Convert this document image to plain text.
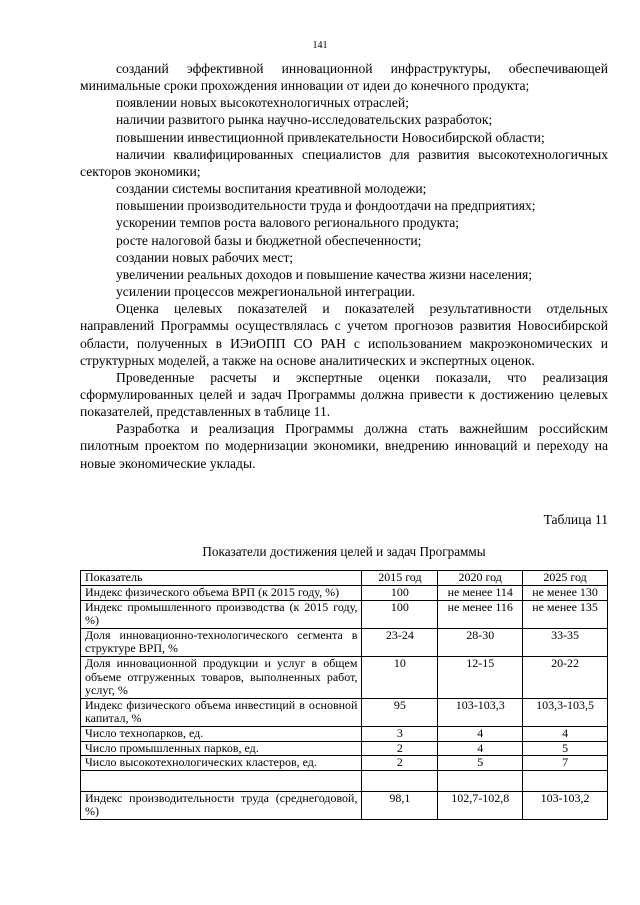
141

созданий эффективной инновационной инфраструктуры, обеспечивающей минимальные сроки прохождения инновации от идеи до конечного продукта;

появлении новых высокотехнологичных отраслей;

наличии развитого рынка научно-исследовательских разработок;

повышении инвестиционной привлекательности Новосибирской области;

наличии квалифицированных специалистов для развития высокотехнологичных секторов экономики;

создании системы воспитания креативной молодежи;

повышении производительности труда и фондоотдачи на предприятиях;

ускорении темпов роста валового регионального продукта;

росте налоговой базы и бюджетной обеспеченности;

создании новых рабочих мест;

увеличении реальных доходов и повышение качества жизни населения;

усилении процессов межрегиональной интеграции.

Оценка целевых показателей и показателей результативности отдельных направлений Программы осуществлялась с учетом прогнозов развития Новосибирской области, полученных в ИЭиОПП СО РАН с использованием макроэкономических и структурных моделей, а также на основе аналитических и экспертных оценок.

Проведенные расчеты и экспертные оценки показали, что реализация сформулированных целей и задач Программы должна привести к достижению целевых показателей, представленных в таблице 11.

Разработка и реализация Программы должна стать важнейшим российским пилотным проектом по модернизации экономики, внедрению инноваций и переходу на новые экономические уклады.

Таблица 11
Показатели достижения целей и задач Программы
Показатель	2015 год	2020 год	2025 год
Индекс физического объема ВРП (к 2015 году, %)	100	не менее 114	не менее 130
Индекс промышленного производства (к 2015 году, %)	100	не менее 116	не менее 135
Доля инновационно-технологического сегмента в структуре ВРП, %	23-24	28-30	33-35
Доля инновационной продукции и услуг в общем объеме отгруженных товаров, выполненных работ, услуг, %	10	12-15	20-22
Индекс физического объема инвестиций в основной капитал, %	95	103-103,3	103,3-103,5
Число технопарков, ед.	3	4	4
Число промышленных парков, ед.	2	4	5
Число высокотехнологических кластеров, ед.	2	5	7

Индекс производительности труда (среднегодовой, %)	98,1	102,7-102,8	103-103,2
